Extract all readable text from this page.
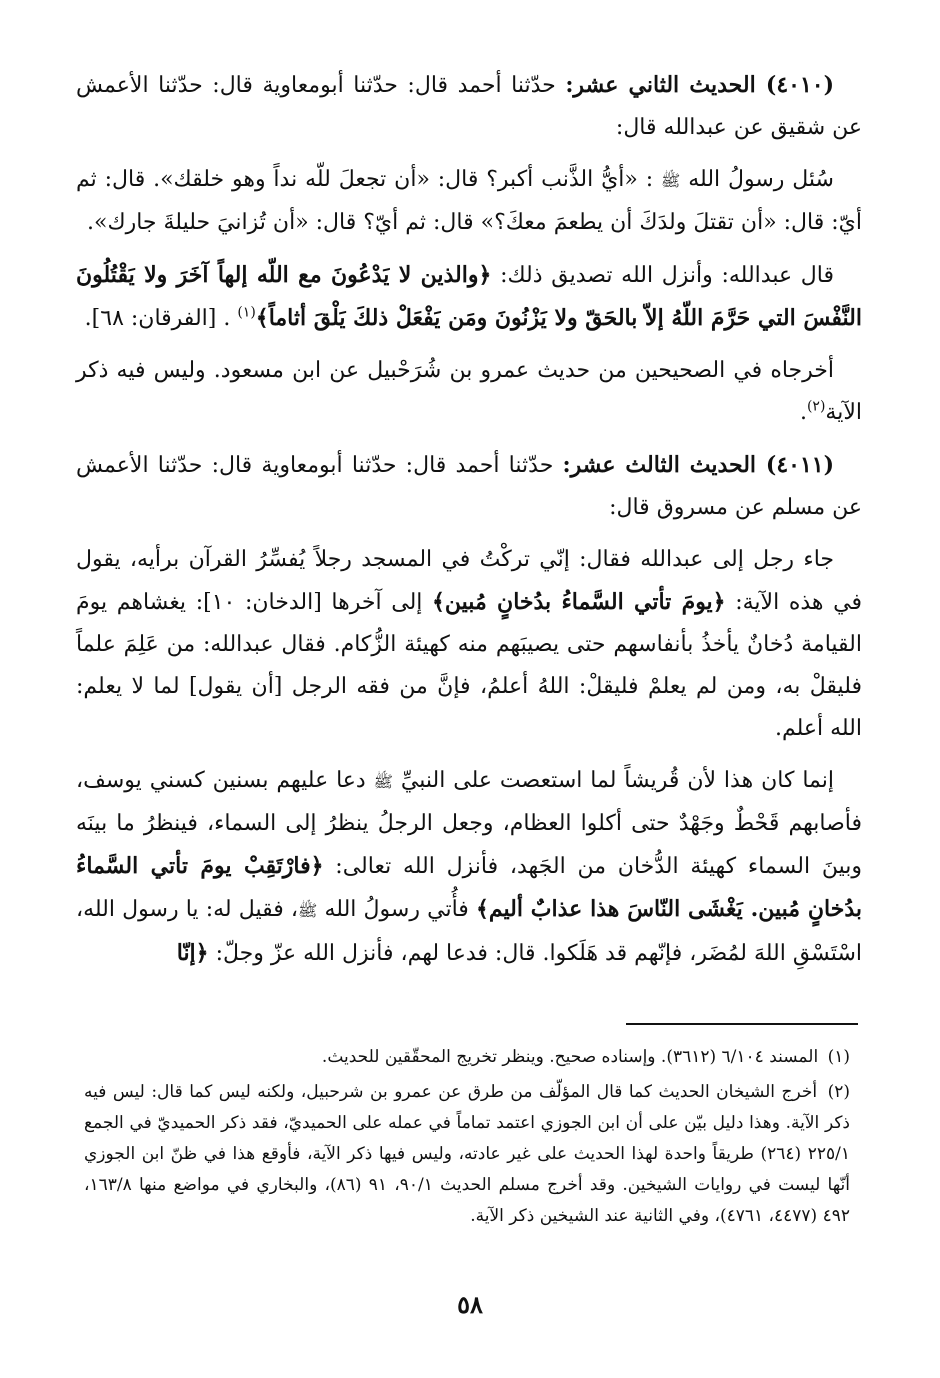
(٤٠١٠) الحديث الثاني عشر: حدّثنا أحمد قال: حدّثنا أبومعاوية قال: حدّثنا الأعمش عن شقيق عن عبدالله قال:

سُئل رسولُ الله ﷺ : «أيُّ الذَّنب أكبر؟ قال: «أن تجعلَ للّه نداً وهو خلقك». قال: ثم أيّ: قال: «أن تقتلَ ولدَكَ أن يطعمَ معكَ؟» قال: ثم أيّ؟ قال: «أن تُزانيَ حليلةَ جارك».

قال عبدالله: وأنزل الله تصديق ذلك: ﴿والذين لا يَدْعُونَ مع اللّه إلهاً آخَرَ ولا يَقْتُلُونَ النَّفْسَ التي حَرَّمَ اللّهُ إلاّ بالحَقّ ولا يَزْنُونَ ومَن يَفْعَلْ ذلكَ يَلْقَ أثاماً﴾$^{(١)}$ . [الفرقان: ٦٨].

أخرجاه في الصحيحين من حديث عمرو بن شُرَحْبيل عن ابن مسعود. وليس فيه ذكر الآية$^{(٢)}$.

(٤٠١١) الحديث الثالث عشر: حدّثنا أحمد قال: حدّثنا أبومعاوية قال: حدّثنا الأعمش عن مسلم عن مسروق قال:

جاء رجل إلى عبدالله فقال: إنّي تركْتُ في المسجد رجلاً يُفسِّرُ القرآن برأيه، يقول في هذه الآية: ﴿يومَ تأتي السَّماءُ بدُخانٍ مُبين﴾ إلى آخرها [الدخان: ١٠]: يغشاهم يومَ القيامة دُخانٌ يأخذُ بأنفاسهم حتى يصيبَهم منه كهيئة الزُّكام. فقال عبدالله: من عَلِمَ علماً فليقلْ به، ومن لم يعلمْ فليقلْ: اللهُ أعلمُ، فإنَّ من فقه الرجل [أن يقول] لما لا يعلم: الله أعلم.

إنما كان هذا لأن قُريشاً لما استعصت على النبيِّ ﷺ دعا عليهم بسنين كسني يوسف، فأصابهم قَحْطٌ وجَهْدٌ حتى أكلوا العظام، وجعل الرجلُ ينظرُ إلى السماء، فينظرُ ما بينَه وبينَ السماء كهيئة الدُّخان من الجَهد، فأنزل الله تعالى: ﴿فارْتَقِبْ يومَ تأتي السَّماءُ بدُخانٍ مُبين. يَغْشَى النّاسَ هذا عذابٌ أليم﴾ فأُتي رسولُ الله ﷺ، فقيل له: يا رسول الله، اسْتَسْقِ اللهَ لمُضَر، فإنّهم قد هَلَكوا. قال: فدعا لهم، فأنزل الله عزّ وجلّ: ﴿إنّا

(١) المسند ٦/١٠٤ (٣٦١٢). وإسناده صحيح. وينظر تخريج المحقّقين للحديث.

(٢) أخرج الشيخان الحديث كما قال المؤلّف من طرق عن عمرو بن شرحبيل، ولكنه ليس كما قال: ليس فيه ذكر الآية. وهذا دليل بيّن على أن ابن الجوزي اعتمد تماماً في عمله على الحميديّ، فقد ذكر الحميديّ في الجمع ٢٢٥/١ (٢٦٤) طريقاً واحدة لهذا الحديث على غير عادته، وليس فيها ذكر الآية، فأوقع هذا في ظنّ ابن الجوزي أنّها ليست في روايات الشيخين. وقد أخرج مسلم الحديث ٩٠/١، ٩١ (٨٦)، والبخاري في مواضع منها ١٦٣/٨، ٤٩٢ (٤٤٧٧، ٤٧٦١)، وفي الثانية عند الشيخين ذكر الآية.

٥٨
